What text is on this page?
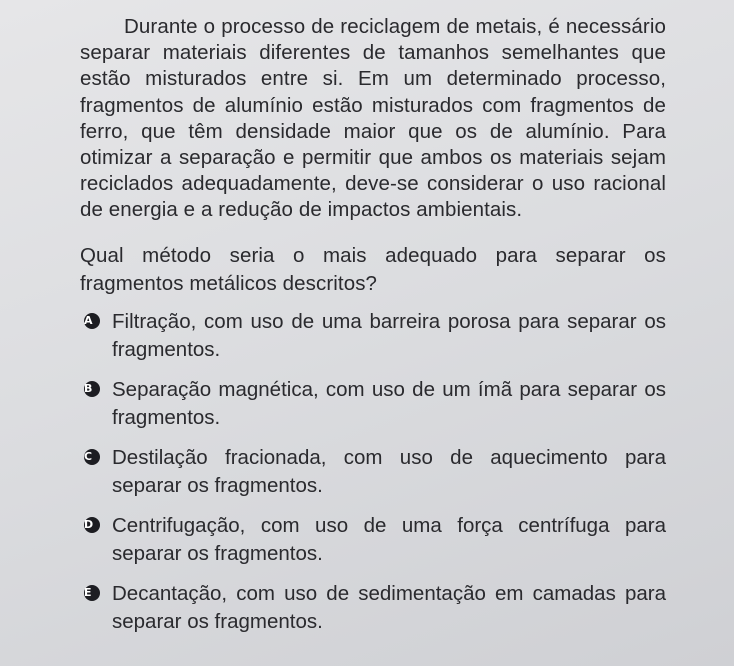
Durante o processo de reciclagem de metais, é necessário separar materiais diferentes de tamanhos semelhantes que estão misturados entre si. Em um determinado processo, fragmentos de alumínio estão misturados com fragmentos de ferro, que têm densidade maior que os de alumínio. Para otimizar a separação e permitir que ambos os materiais sejam reciclados adequadamente, deve-se considerar o uso racional de energia e a redução de impactos ambientais.

Qual método seria o mais adequado para separar os fragmentos metálicos descritos?

A Filtração, com uso de uma barreira porosa para separar os fragmentos.
B Separação magnética, com uso de um ímã para separar os fragmentos.
C Destilação fracionada, com uso de aquecimento para separar os fragmentos.
D Centrifugação, com uso de uma força centrífuga para separar os fragmentos.
E Decantação, com uso de sedimentação em camadas para separar os fragmentos.
